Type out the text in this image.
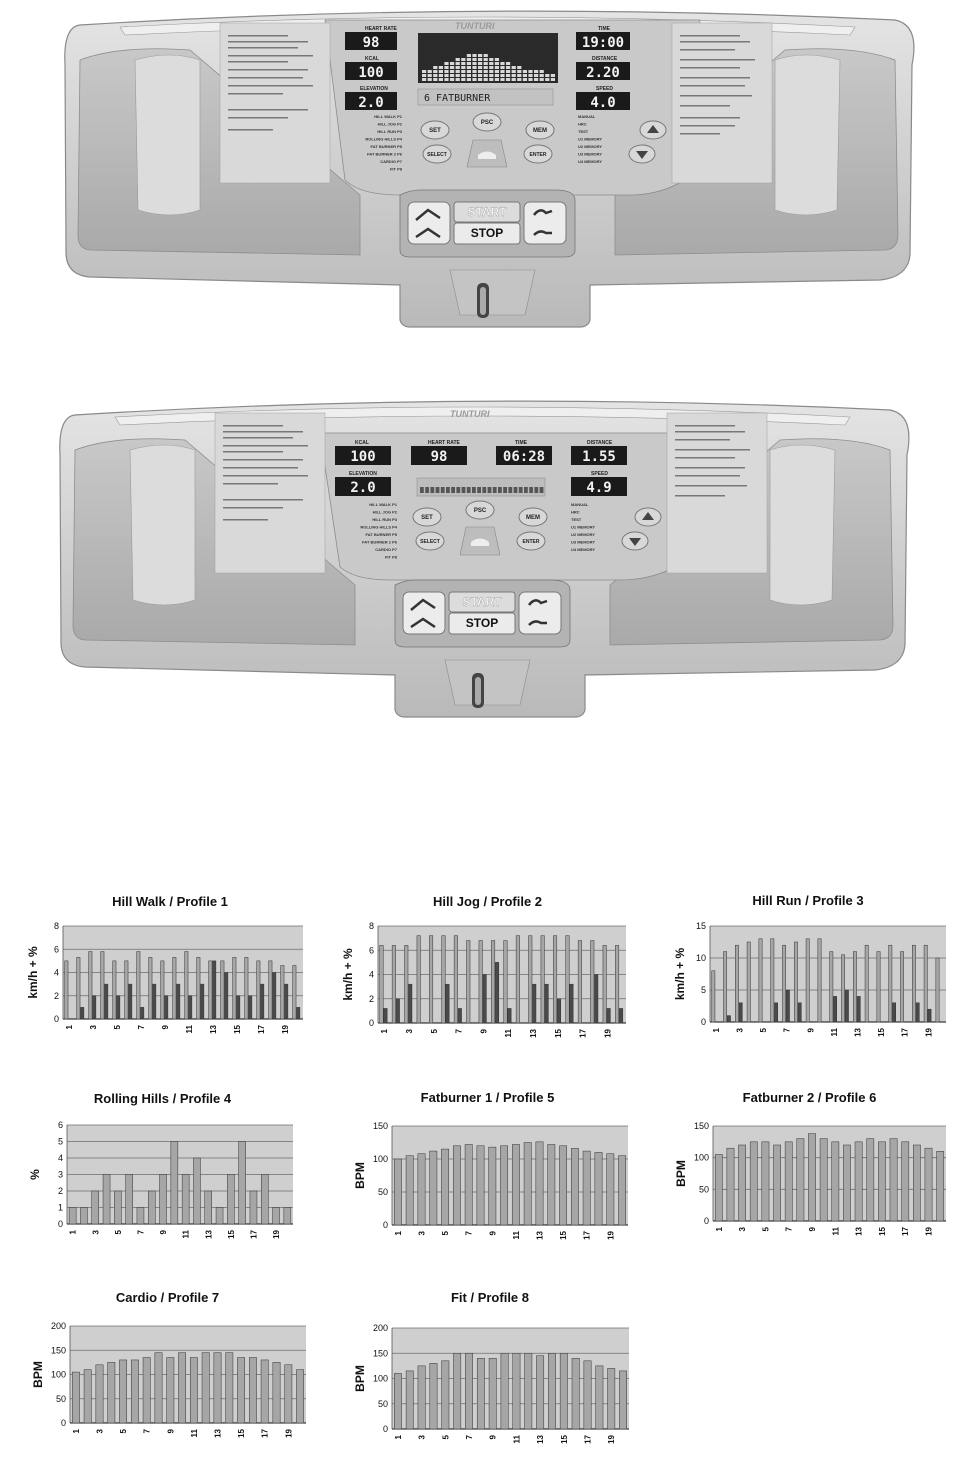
TUNTURI
HEART RATE
98
KCAL
100
ELEVATION
2.0
TIME
19:00
DISTANCE
2.20
SPEED
4.0
6 FATBURNER
HILL WALK P1
HILL JOG P2
HILL RUN P3
ROLLING HILLS P4
FAT BURNER P5
FAT BURNER 2 P6
CARDIO P7
FIT P8
MANUAL
HRC
TEST
U1 MEMORY
U2 MEMORY
U3 MEMORY
U4 MEMORY
SET
PSC
MEM
SELECT	ENTER
START
STOP
TUNTURI
KCAL
100
HEART RATE
98
TIME
06:28
DISTANCE
1.55
ELEVATION
2.0
SPEED
4.9
HILL WALK P1
HILL JOG P2
HILL RUN P3
ROLLING HILLS P4
FAT BURNER P5
FAT BURNER 2 P6
CARDIO P7
FIT P8
MANUAL
HRC
TEST
U1 MEMORY
U2 MEMORY
U3 MEMORY
U4 MEMORY
SET
PSC
MEM
SELECT	ENTER
START
STOP
Hill Walk / Profile 1
0
2
4
6
8
1 3 5 7 9 11 13 15 17 19
km/h + %
Hill Jog / Profile 2
0
2
4
6
8
1 3 5 7 9 11 13 15 17 19
km/h + %
Hill Run / Profile 3
0
5
10
15
1 3 5 7 9 11 13 15 17 19
km/h + %
Rolling Hills / Profile 4
0
1
2
3
4
5
6
1 3 5 7 9 11 13 15 17 19
%
Fatburner 1 / Profile 5
0
50
100
150
1 3 5 7 9 11 13 15 17 19
BPM
Fatburner 2 / Profile 6
0
50
100
150
1 3 5 7 9 11 13 15 17 19
BPM
Cardio / Profile 7
0
50
100
150
200
1 3 5 7 9 11 13 15 17 19
BPM
Fit / Profile 8
0
50
100
150
200
1 3 5 7 9 11 13 15 17 19
BPM
